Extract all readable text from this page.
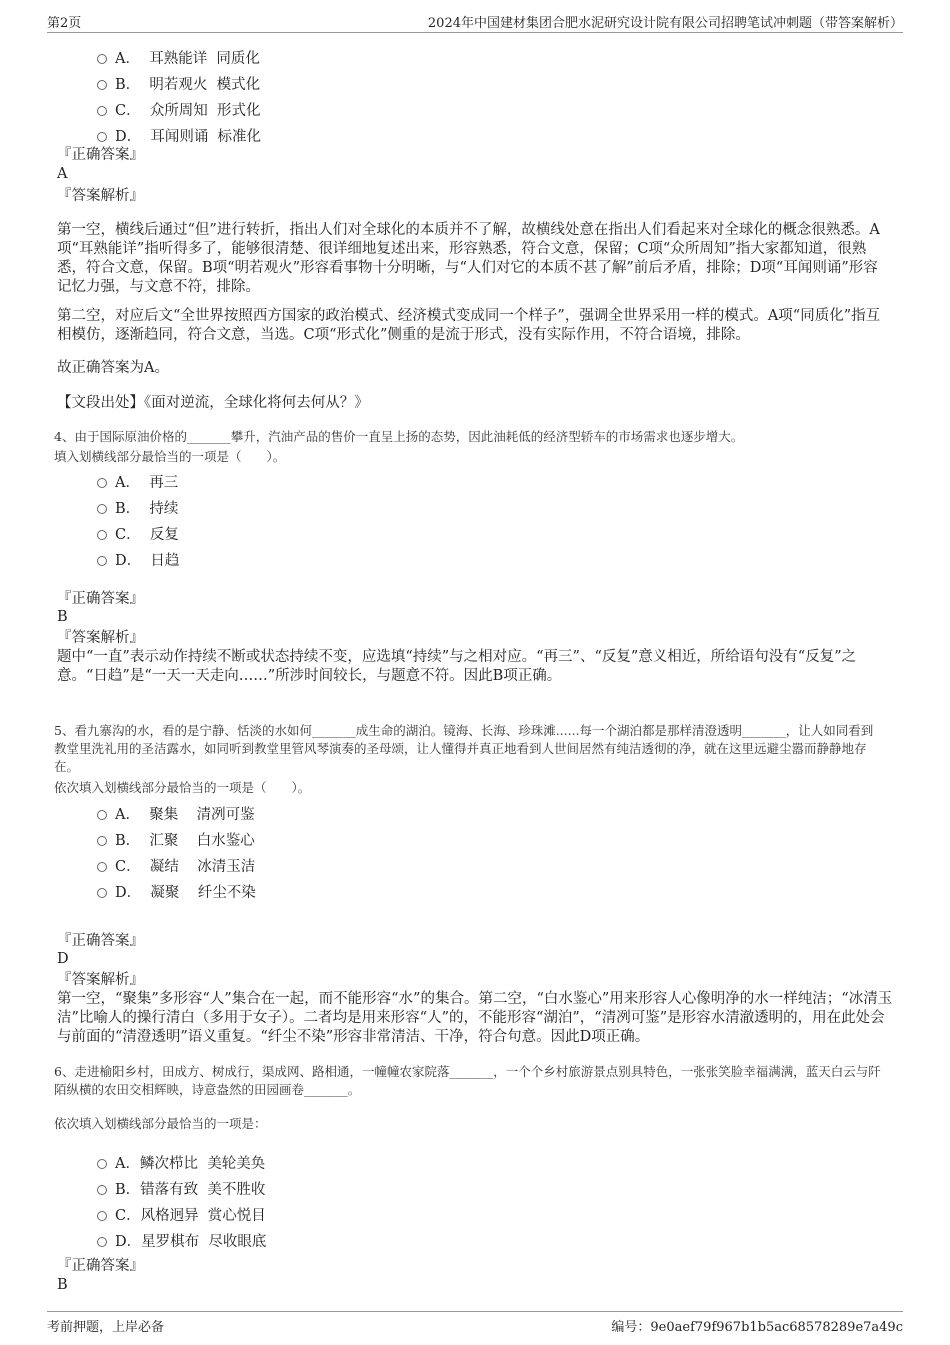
第2页	2024年中国建材集团合肥水泥研究设计院有限公司招聘笔试冲刺题（带答案解析）
A．  耳熟能详  同质化
B．  明若观火  模式化
C．  众所周知  形式化
D．  耳闻则诵  标准化
『正确答案』
A
『答案解析』
第一空，横线后通过“但”进行转折，指出人们对全球化的本质并不了解，故横线处意在指出人们看起来对全球化的概念很熟悉。A项“耳熟能详”指听得多了，能够很清楚、很详细地复述出来，形容熟悉，符合文意，保留；C项“众所周知”指大家都知道，很熟悉，符合文意，保留。B项“明若观火”形容看事物十分明晰，与“人们对它的本质不甚了解”前后矛盾，排除；D项“耳闻则诵”形容记忆力强，与文意不符，排除。
第二空，对应后文“全世界按照西方国家的政治模式、经济模式变成同一个样子”，强调全世界采用一样的模式。A项“同质化”指互相模仿，逐渐趋同，符合文意，当选。C项“形式化”侧重的是流于形式，没有实际作用，不符合语境，排除。
故正确答案为A。
【文段出处】《面对逆流，全球化将何去何从？》
4、由于国际原油价格的_______攀升，汽油产品的售价一直呈上扬的态势，因此油耗低的经济型轿车的市场需求也逐步增大。
填入划横线部分最恰当的一项是（　　）。
A．  再三
B．  持续
C．  反复
D．  日趋
『正确答案』
B
『答案解析』
题中“一直”表示动作持续不断或状态持续不变，应选填“持续”与之相对应。“再三”、“反复”意义相近，所给语句没有“反复”之意。“日趋”是“一天一天走向……”所涉时间较长，与题意不符。因此B项正确。
5、看九寨沟的水，看的是宁静、恬淡的水如何_______成生命的湖泊。镜海、长海、珍珠滩......每一个湖泊都是那样清澄透明_______，让人如同看到教堂里洗礼用的圣洁露水，如同听到教堂里管风琴演奏的圣母颂，让人懂得并真正地看到人世间居然有纯洁透彻的净，就在这里远避尘嚣而静静地存在。
依次填入划横线部分最恰当的一项是（　　）。
A．  聚集    清冽可鉴
B．  汇聚    白水鉴心
C．  凝结    冰清玉洁
D．  凝聚    纤尘不染
『正确答案』
D
『答案解析』
第一空，“聚集”多形容“人”集合在一起，而不能形容“水”的集合。第二空，“白水鉴心”用来形容人心像明净的水一样纯洁；“冰清玉洁”比喻人的操行清白（多用于女子）。二者均是用来形容“人”的，不能形容“湖泊”，“清冽可鉴”是形容水清澈透明的，用在此处会与前面的“清澄透明”语义重复。“纤尘不染”形容非常清洁、干净，符合句意。因此D项正确。
6、走进榆阳乡村，田成方、树成行，渠成网、路相通，一幢幢农家院落_______，一个个乡村旅游景点别具特色，一张张笑脸幸福满满，蓝天白云与阡陌纵横的农田交相辉映，诗意盎然的田园画卷_______。
依次填入划横线部分最恰当的一项是：
A．鳞次栉比  美轮美奂
B．错落有致  美不胜收
C．风格迥异  赏心悦目
D．星罗棋布  尽收眼底
『正确答案』
B
考前押题，上岸必备	编号：9e0aef79f967b1b5ac68578289e7a49c
